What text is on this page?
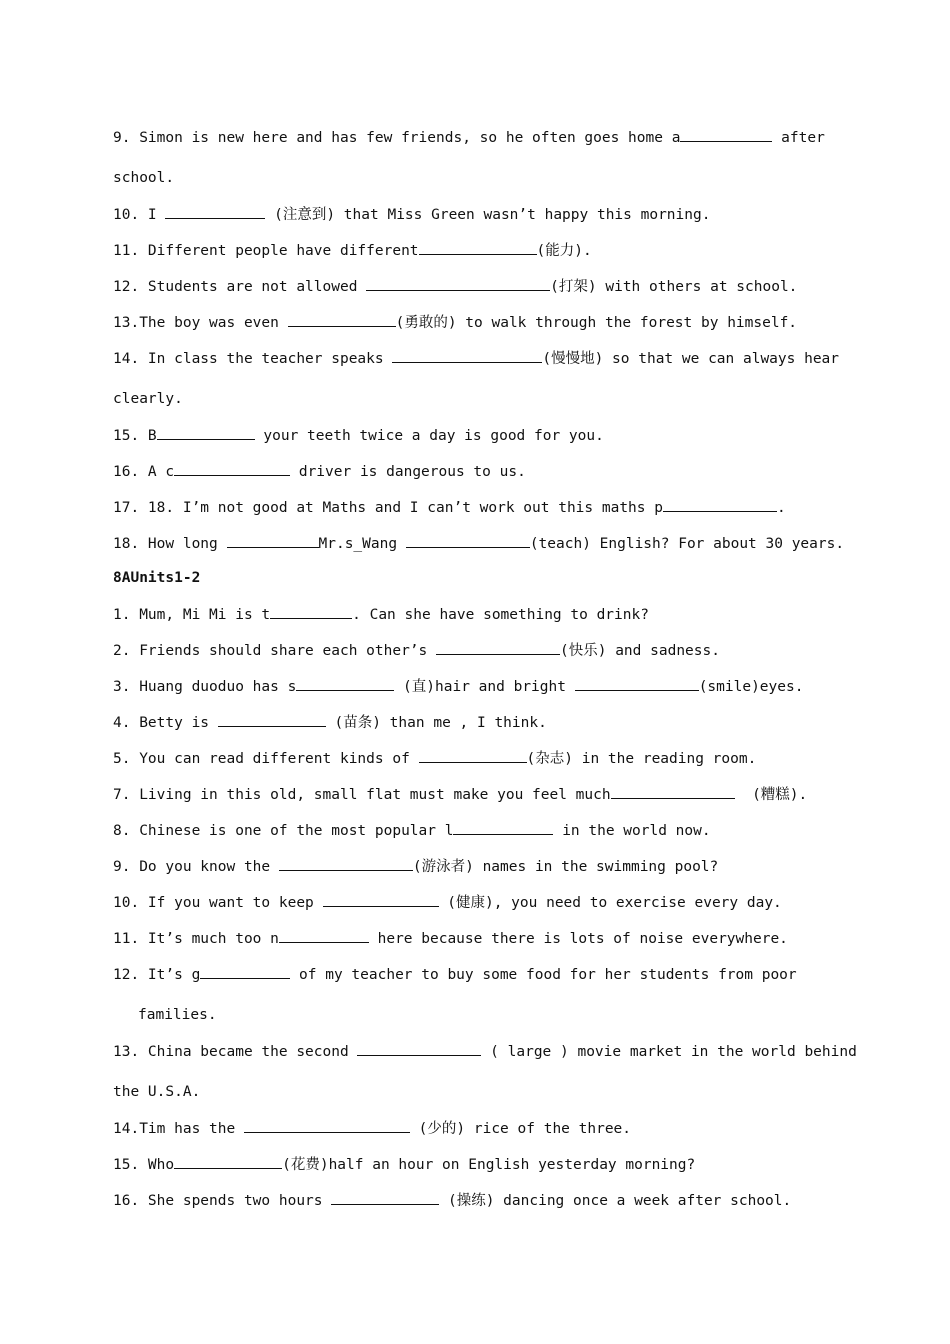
9. Simon is new here and has few friends, so he often goes home a	after
school.
10. I	(注意到) that Miss Green wasn’t happy this morning.
11. Different people have different	(能力).
12. Students are not allowed	(打架) with others at school.
13.The boy was even	(勇敢的) to walk through the forest by himself.
14. In class the teacher speaks	(慢慢地) so that we can always hear
clearly.
15. B	your teeth twice a day is good for you.
16. A c	driver is dangerous to us.
17. 18. I’m not good at Maths and I can’t work out this maths p	.
18. How long	Mr.s_Wang	(teach) English? For about 30 years.
8AUnits1-2
1. Mum, Mi Mi is t	. Can she have something to drink?
2. Friends should share each other’s	(快乐) and sadness.
3. Huang duoduo has s	(直)hair and bright	(smile)eyes.
4. Betty is	(苗条) than me , I think.
5. You can read different kinds of	(杂志) in the reading room.
7. Living in this old, small flat must make you feel much	(糟糕).
8. Chinese is one of the most popular l	in the world now.
9. Do you know the	(游泳者) names in the swimming pool?
10. If you want to keep	(健康), you need to exercise every day.
11. It’s much too n	here because there is lots of noise everywhere.
12. It’s g	of my teacher to buy some food for her students from poor
families.
13. China became the second	( large ) movie market in the world behind
the U.S.A.
14.Tim has the	(少的) rice of the three.
15. Who	(花费)half an hour on English yesterday morning?
16. She spends two hours	(操练) dancing once a week after school.
